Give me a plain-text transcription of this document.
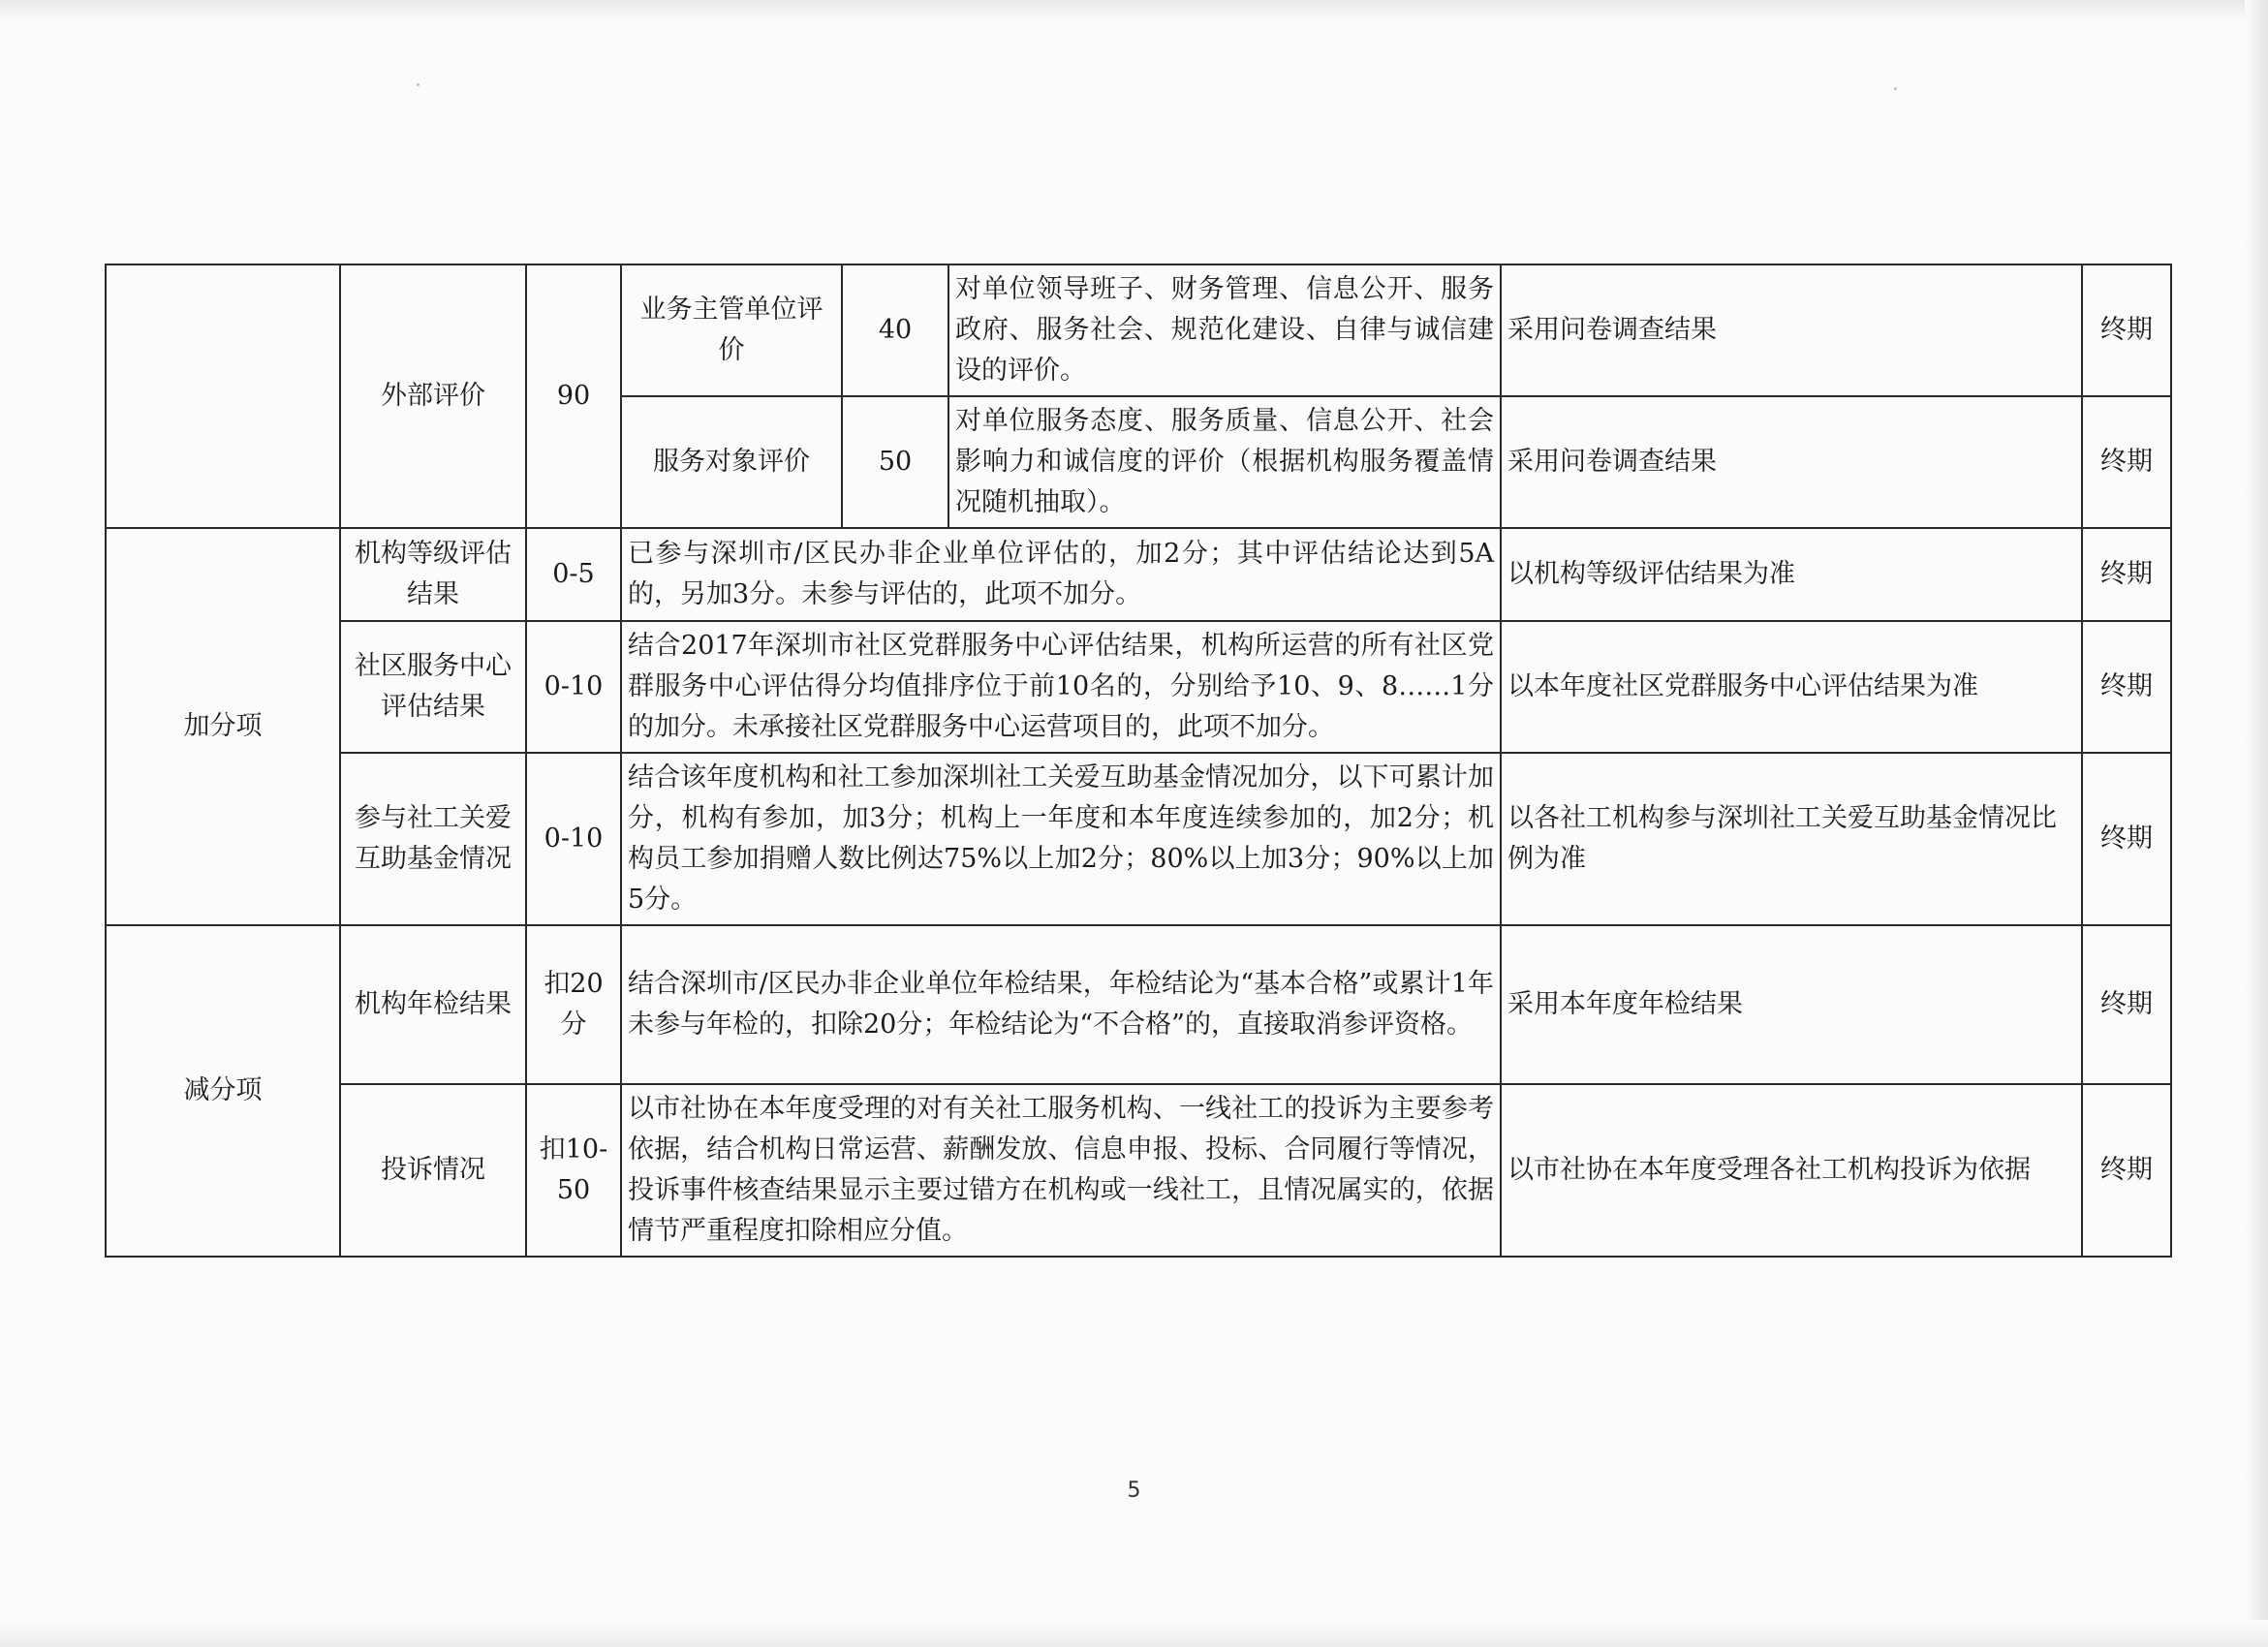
	外部评价	90	业务主管单位评价	40	对单位领导班子、财务管理、信息公开、服务政府、服务社会、规范化建设、自律与诚信建设的评价。	采用问卷调查结果	终期
			服务对象评价	50	对单位服务态度、服务质量、信息公开、社会影响力和诚信度的评价（根据机构服务覆盖情况随机抽取）。	采用问卷调查结果	终期
加分项	机构等级评估结果	0-5	已参与深圳市/区民办非企业单位评估的，加2分；其中评估结论达到5A的，另加3分。未参与评估的，此项不加分。			以机构等级评估结果为准	终期
	社区服务中心评估结果	0-10	结合2017年深圳市社区党群服务中心评估结果，机构所运营的所有社区党群服务中心评估得分均值排序位于前10名的，分别给予10、9、8……1分的加分。未承接社区党群服务中心运营项目的，此项不加分。			以本年度社区党群服务中心评估结果为准	终期
	参与社工关爱互助基金情况	0-10	结合该年度机构和社工参加深圳社工关爱互助基金情况加分，以下可累计加分，机构有参加，加3分；机构上一年度和本年度连续参加的，加2分；机构员工参加捐赠人数比例达75%以上加2分；80%以上加3分；90%以上加5分。			以各社工机构参与深圳社工关爱互助基金情况比例为准	终期
减分项	机构年检结果	扣20分	结合深圳市/区民办非企业单位年检结果，年检结论为“基本合格”或累计1年未参与年检的，扣除20分；年检结论为“不合格”的，直接取消参评资格。			采用本年度年检结果	终期
	投诉情况	扣10-50	以市社协在本年度受理的对有关社工服务机构、一线社工的投诉为主要参考依据，结合机构日常运营、薪酬发放、信息申报、投标、合同履行等情况，投诉事件核查结果显示主要过错方在机构或一线社工，且情况属实的，依据情节严重程度扣除相应分值。			以市社协在本年度受理各社工机构投诉为依据	终期
5
